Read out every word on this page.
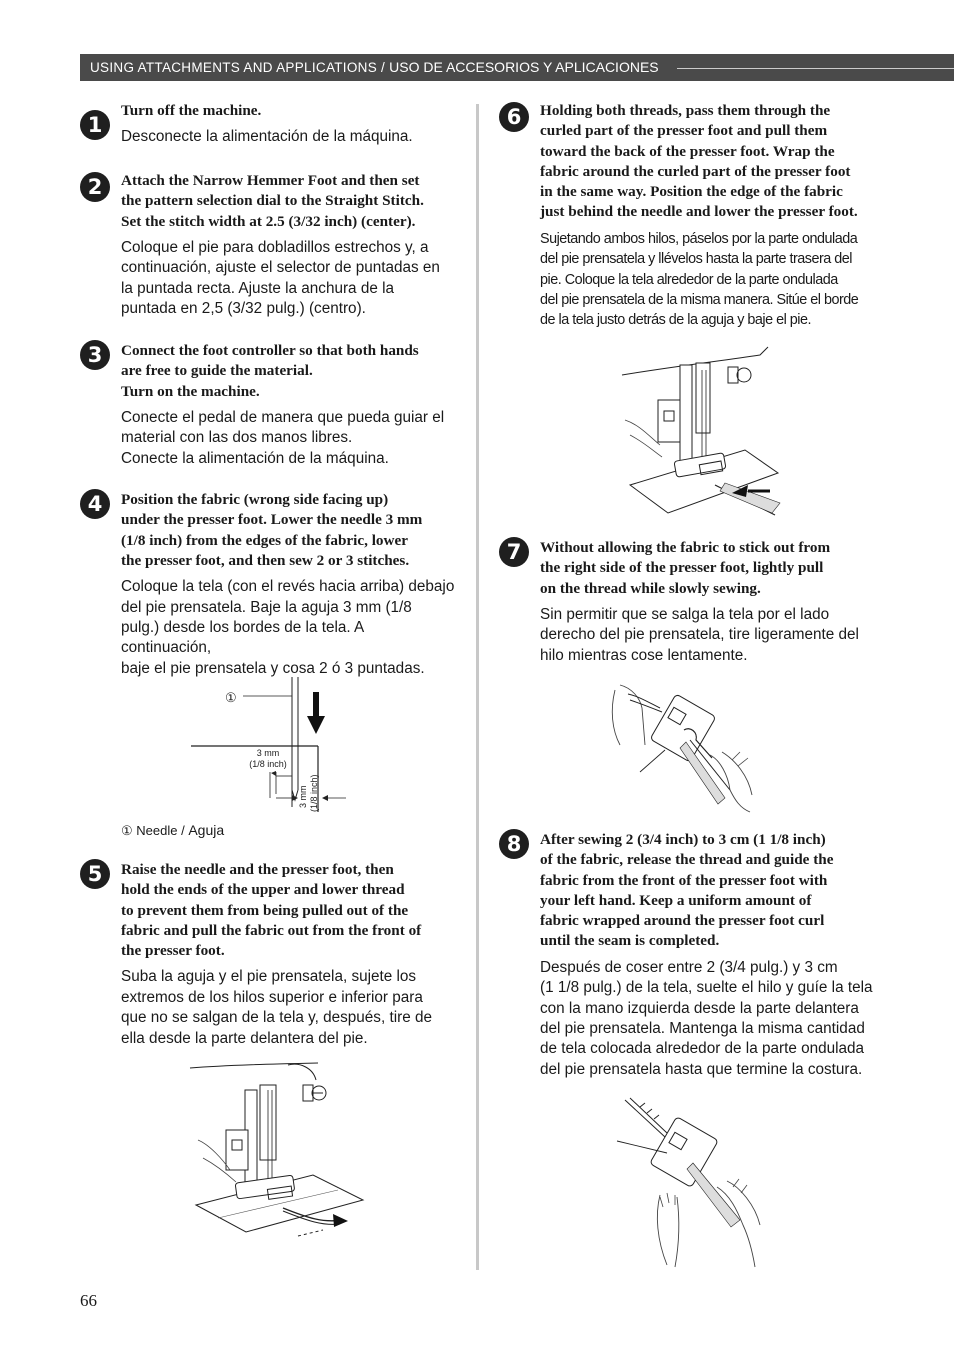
USING ATTACHMENTS AND APPLICATIONS / USO DE ACCESORIOS Y APLICACIONES
1

Turn off the machine.

Desconecte la alimentación de la máquina.

2	Attach the Narrow Hemmer Foot and then set
the pattern selection dial to the Straight Stitch.
Set the stitch width at 2.5 (3/32 inch) (center).

Coloque el pie para dobladillos estrechos y, a
continuación, ajuste el selector de puntadas en
la puntada recta. Ajuste la anchura de la
puntada en 2,5 (3/32 pulg.) (centro).

3	Connect the foot controller so that both hands
are free to guide the material.
Turn on the machine.

Conecte el pedal de manera que pueda guiar el
material con las dos manos libres.
Conecte la alimentación de la máquina.

4	Position the fabric (wrong side facing up)
under the presser foot. Lower the needle 3 mm
(1/8 inch) from the edges of the fabric, lower
the presser foot, and then sew 2 or 3 stitches.

Coloque la tela (con el revés hacia arriba) debajo
del pie prensatela. Baje la aguja 3 mm (1/8
pulg.) desde los bordes de la tela. A continuación,
baje el pie prensatela y cosa 2 ó 3 puntadas.

5	Raise the needle and the presser foot, then
hold the ends of the upper and lower thread
to prevent them from being pulled out of the
fabric and pull the fabric out from the front of
the presser foot.

Suba la aguja y el pie prensatela, sujete los
extremos de los hilos superior e inferior para
que no se salgan de la tela y, después, tire de
ella desde la parte delantera del pie.

①
3 mm
(1/8 inch)
3 mm (1/8 inch)
① Needle / Aguja
6	Holding both threads, pass them through the
curled part of the presser foot and pull them
toward the back of the presser foot. Wrap the
fabric around the curled part of the presser foot
in the same way. Position the edge of the fabric
just behind the needle and lower the presser foot.

Sujetando ambos hilos, páselos por la parte ondulada
del pie prensatela y llévelos hasta la parte trasera del
pie. Coloque la tela alrededor de la parte ondulada
del pie prensatela de la misma manera. Sitúe el borde
de la tela justo detrás de la aguja y baje el pie.

7	Without allowing the fabric to stick out from
the right side of the presser foot, lightly pull
on the thread while slowly sewing.

Sin permitir que se salga la tela por el lado
derecho del pie prensatela, tire ligeramente del
hilo mientras cose lentamente.

8	After sewing 2 (3/4 inch) to 3 cm (1 1/8 inch)
of the fabric, release the thread and guide the
fabric from the front of the presser foot with
your left hand. Keep a uniform amount of
fabric wrapped around the presser foot curl
until the seam is completed.

Después de coser entre 2 (3/4 pulg.) y 3 cm
(1 1/8 pulg.) de la tela, suelte el hilo y guíe la tela
con la mano izquierda desde la parte delantera
del pie prensatela. Mantenga la misma cantidad
de tela colocada alrededor de la parte ondulada
del pie prensatela hasta que termine la costura.

66
